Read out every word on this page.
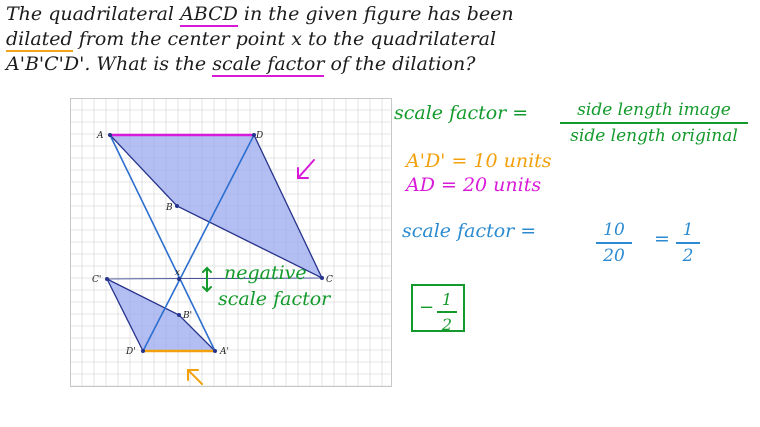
The quadrilateral ABCD in the given figure has been
dilated from the center point x to the quadrilateral
A'B'C'D'. What is the scale factor of the dilation?
A	D
B
C
C'
B'
D'	A'
x negative
scale factor
scale factor =	side length image
side length original
A'D' = 10 units
AD = 20 units
scale factor =	10
20
= 1
2
− 1
2
